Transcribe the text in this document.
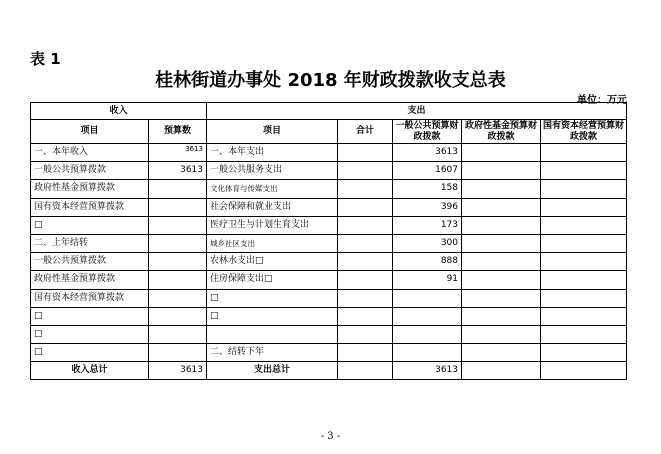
表 1
桂林街道办事处 2018 年财政拨款收支总表
单位：万元
收入		支出				
项目	预算数	项目	合计	一般公共预算财政拨款	政府性基金预算财政拨款	国有资本经营预算财政拨款
一、本年收入	3613	一、本年支出		3613		
一般公共预算拨款	3613	一般公共服务支出		1607		
政府性基金预算拨款		文化体育与传媒支出		158		
国有资本经营预算拨款		社会保障和就业支出		396		
□		医疗卫生与计划生育支出		173		
二、上年结转		城乡社区支出		300		
一般公共预算拨款		农林水支出□		888		
政府性基金预算拨款		住房保障支出□		91		
国有资本经营预算拨款		□				
□		□				
□						
□		二、结转下年				
收入总计	3613	支出总计		3613		
- 3 -
